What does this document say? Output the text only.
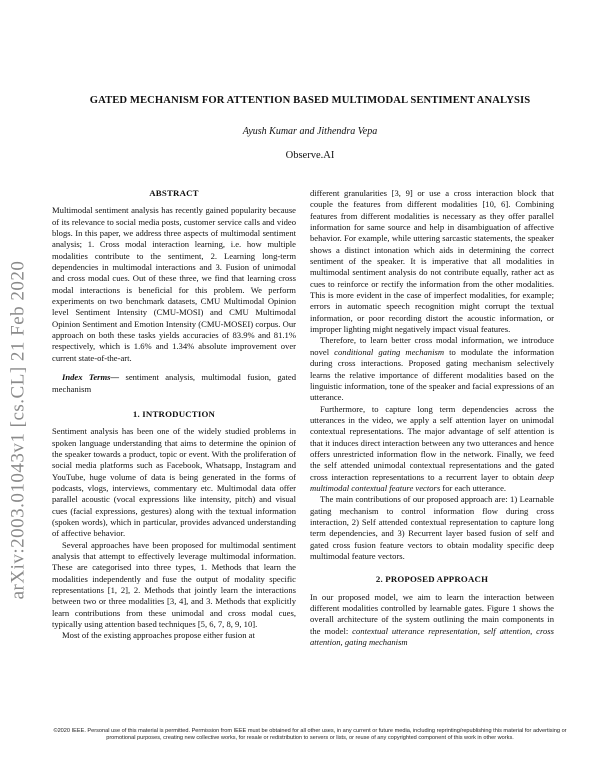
arXiv:2003.01043v1 [cs.CL] 21 Feb 2020
GATED MECHANISM FOR ATTENTION BASED MULTIMODAL SENTIMENT ANALYSIS
Ayush Kumar and Jithendra Vepa
Observe.AI
ABSTRACT

Multimodal sentiment analysis has recently gained popularity because of its relevance to social media posts, customer service calls and video blogs. In this paper, we address three aspects of multimodal sentiment analysis; 1. Cross modal interaction learning, i.e. how multiple modalities contribute to the sentiment, 2. Learning long-term dependencies in multimodal interactions and 3. Fusion of unimodal and cross modal cues. Out of these three, we find that learning cross modal interactions is beneficial for this problem. We perform experiments on two benchmark datasets, CMU Multimodal Opinion level Sentiment Intensity (CMU-MOSI) and CMU Multimodal Opinion Sentiment and Emotion Intensity (CMU-MOSEI) corpus. Our approach on both these tasks yields accuracies of 83.9% and 81.1% respectively, which is 1.6% and 1.34% absolute improvement over current state-of-the-art.

Index Terms— sentiment analysis, multimodal fusion, gated mechanism

1. INTRODUCTION

Sentiment analysis has been one of the widely studied problems in spoken language understanding that aims to determine the opinion of the speaker towards a product, topic or event. With the proliferation of social media platforms such as Facebook, Whatsapp, Instagram and YouTube, huge volume of data is being generated in the forms of podcasts, vlogs, interviews, commentary etc. Multimodal data offer parallel acoustic (vocal expressions like intensity, pitch) and visual cues (facial expressions, gestures) along with the textual information (spoken words), which in particular, provides advanced understanding of affective behavior.

Several approaches have been proposed for multimodal sentiment analysis that attempt to effectively leverage multimodal information. These are categorised into three types, 1. Methods that learn the modalities independently and fuse the output of modality specific representations [1, 2], 2. Methods that jointly learn the interactions between two or three modalities [3, 4], and 3. Methods that explicitly learn contributions from these unimodal and cross modal cues, typically using attention based techniques [5, 6, 7, 8, 9, 10].

Most of the existing approaches propose either fusion at

different granularities [3, 9] or use a cross interaction block that couple the features from different modalities [10, 6]. Combining features from different modalities is necessary as they offer parallel information for same source and help in disambiguation of affective behavior. For example, while uttering sarcastic statements, the speaker shows a distinct intonation which aids in determining the correct sentiment of the speaker. It is imperative that all modalities in multimodal sentiment analysis do not contribute equally, rather act as cues to reinforce or rectify the information from the other modalities. This is more evident in the case of imperfect modalities, for example; errors in automatic speech recognition might corrupt the textual information, or poor recording distort the acoustic information, or improper lighting might negatively impact visual features.

Therefore, to learn better cross modal information, we introduce novel conditional gating mechanism to modulate the information during cross interactions. Proposed gating mechanism selectively learns the relative importance of different modalities based on the linguistic information, tone of the speaker and facial expressions of an utterance.

Furthermore, to capture long term dependencies across the utterances in the video, we apply a self attention layer on unimodal contextual representations. The major advantage of self attention is that it induces direct interaction between any two utterances and hence offers unrestricted information flow in the network. Finally, we feed the self attended unimodal contextual representations and the gated cross interaction representations to a recurrent layer to obtain deep multimodal contextual feature vectors for each utterance.

The main contributions of our proposed approach are: 1) Learnable gating mechanism to control information flow during cross interaction, 2) Self attended contextual representation to capture long term dependencies, and 3) Recurrent layer based fusion of self and gated cross fusion feature vectors to obtain modality specific deep multimodal feature vectors.

2. PROPOSED APPROACH

In our proposed model, we aim to learn the interaction between different modalities controlled by learnable gates. Figure 1 shows the overall architecture of the system outlining the main components in the model: contextual utterance representation, self attention, cross attention, gating mechanism

©2020 IEEE. Personal use of this material is permitted. Permission from IEEE must be obtained for all other uses, in any current or future media, including reprinting/republishing this material for advertising or promotional purposes, creating new collective works, for resale or redistribution to servers or lists, or reuse of any copyrighted component of this work in other works.
